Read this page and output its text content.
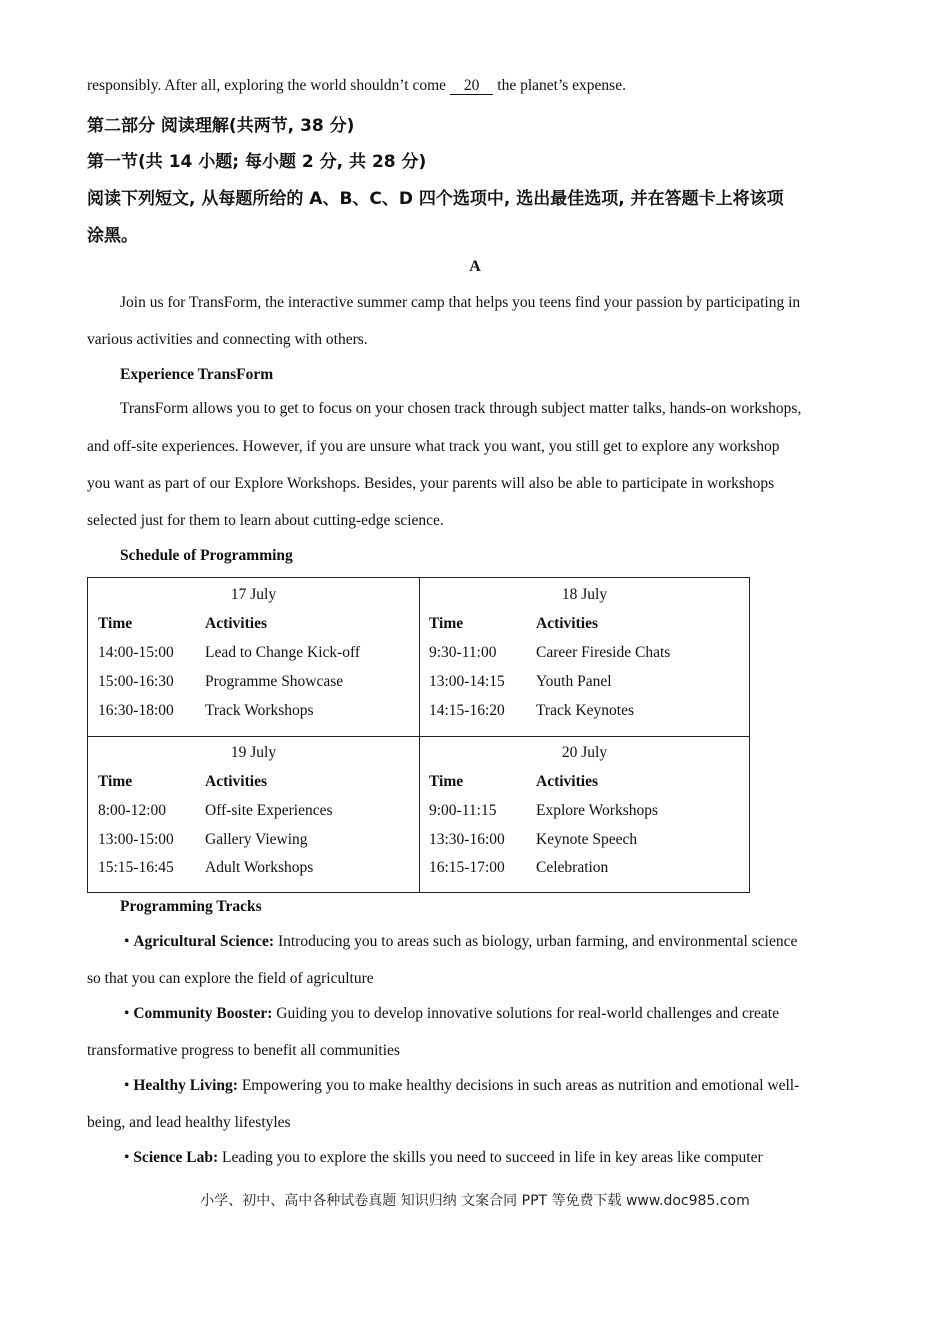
responsibly. After all, exploring the world shouldn’t come 20 the planet’s expense.
第二部分 阅读理解(共两节, 38 分)
第一节(共 14 小题; 每小题 2 分, 共 28 分)
阅读下列短文, 从每题所给的 A、B、C、D 四个选项中, 选出最佳选项, 并在答题卡上将该项
涂黑。
A
Join us for TransForm, the interactive summer camp that helps you teens find your passion by participating in
various activities and connecting with others.
Experience TransForm
TransForm allows you to get to focus on your chosen track through subject matter talks, hands-on workshops,
and off-site experiences. However, if you are unsure what track you want, you still get to explore any workshop
you want as part of our Explore Workshops. Besides, your parents will also be able to participate in workshops
selected just for them to learn about cutting-edge science.
Schedule of Programming
17 July
Time	Activities
14:00-15:00 Lead to Change Kick-off
15:00-16:30 Programme Showcase
16:30-18:00 Track Workshops
18 July
Time	Activities
9:30-11:00	Career Fireside Chats
13:00-14:15 Youth Panel
14:15-16:20 Track Keynotes
19 July
Time	Activities
8:00-12:00	Off-site Experiences
13:00-15:00 Gallery Viewing
15:15-16:45 Adult Workshops
20 July
Time	Activities
9:00-11:15	Explore Workshops
13:30-16:00 Keynote Speech
16:15-17:00 Celebration
Programming Tracks
• Agricultural Science: Introducing you to areas such as biology, urban farming, and environmental science
so that you can explore the field of agriculture
• Community Booster: Guiding you to develop innovative solutions for real-world challenges and create
transformative progress to benefit all communities
• Healthy Living: Empowering you to make healthy decisions in such areas as nutrition and emotional well-
being, and lead healthy lifestyles
• Science Lab: Leading you to explore the skills you need to succeed in life in key areas like computer
小学、初中、高中各种试卷真题 知识归纳 文案合同 PPT 等免费下载 www.doc985.com
